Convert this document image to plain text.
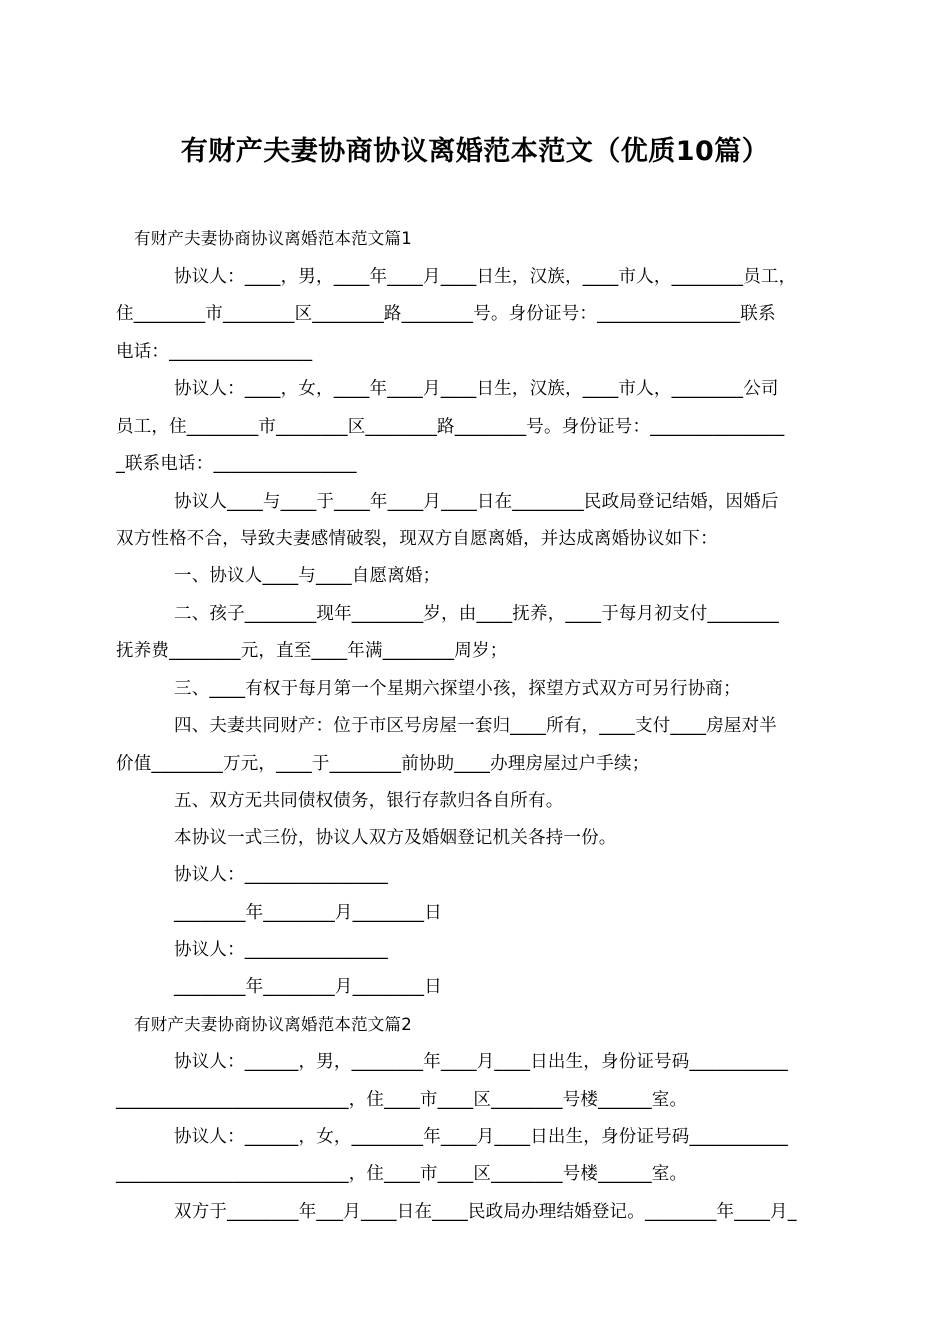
有财产夫妻协商协议离婚范本范文（优质10篇）
有财产夫妻协商协议离婚范本范文篇1
协议人：____，男，____年____月____日生，汉族，____市人，________员工，
住________市________区________路________号。身份证号：________________联系
电话：________________
协议人：____，女，____年____月____日生，汉族，____市人，________公司
员工，住________市________区________路________号。身份证号：_______________
_联系电话：________________
协议人____与____于____年____月____日在________民政局登记结婚，因婚后
双方性格不合，导致夫妻感情破裂，现双方自愿离婚，并达成离婚协议如下：
一、协议人____与____自愿离婚；
二、孩子________现年________岁，由____抚养，____于每月初支付________
抚养费________元，直至____年满________周岁；
三、____有权于每月第一个星期六探望小孩，探望方式双方可另行协商；
四、夫妻共同财产：位于市区号房屋一套归____所有，____支付____房屋对半
价值________万元，____于________前协助____办理房屋过户手续；
五、双方无共同债权债务，银行存款归各自所有。
本协议一式三份，协议人双方及婚姻登记机关各持一份。
协议人：________________
________年________月________日
协议人：________________
________年________月________日
有财产夫妻协商协议离婚范本范文篇2
协议人：______，男，________年____月____日出生，身份证号码___________
__________________________，住____市____区________号楼______室。
协议人：______，女，________年____月____日出生，身份证号码___________
__________________________，住____市____区________号楼______室。
双方于________年___月____日在____民政局办理结婚登记。________年____月_
